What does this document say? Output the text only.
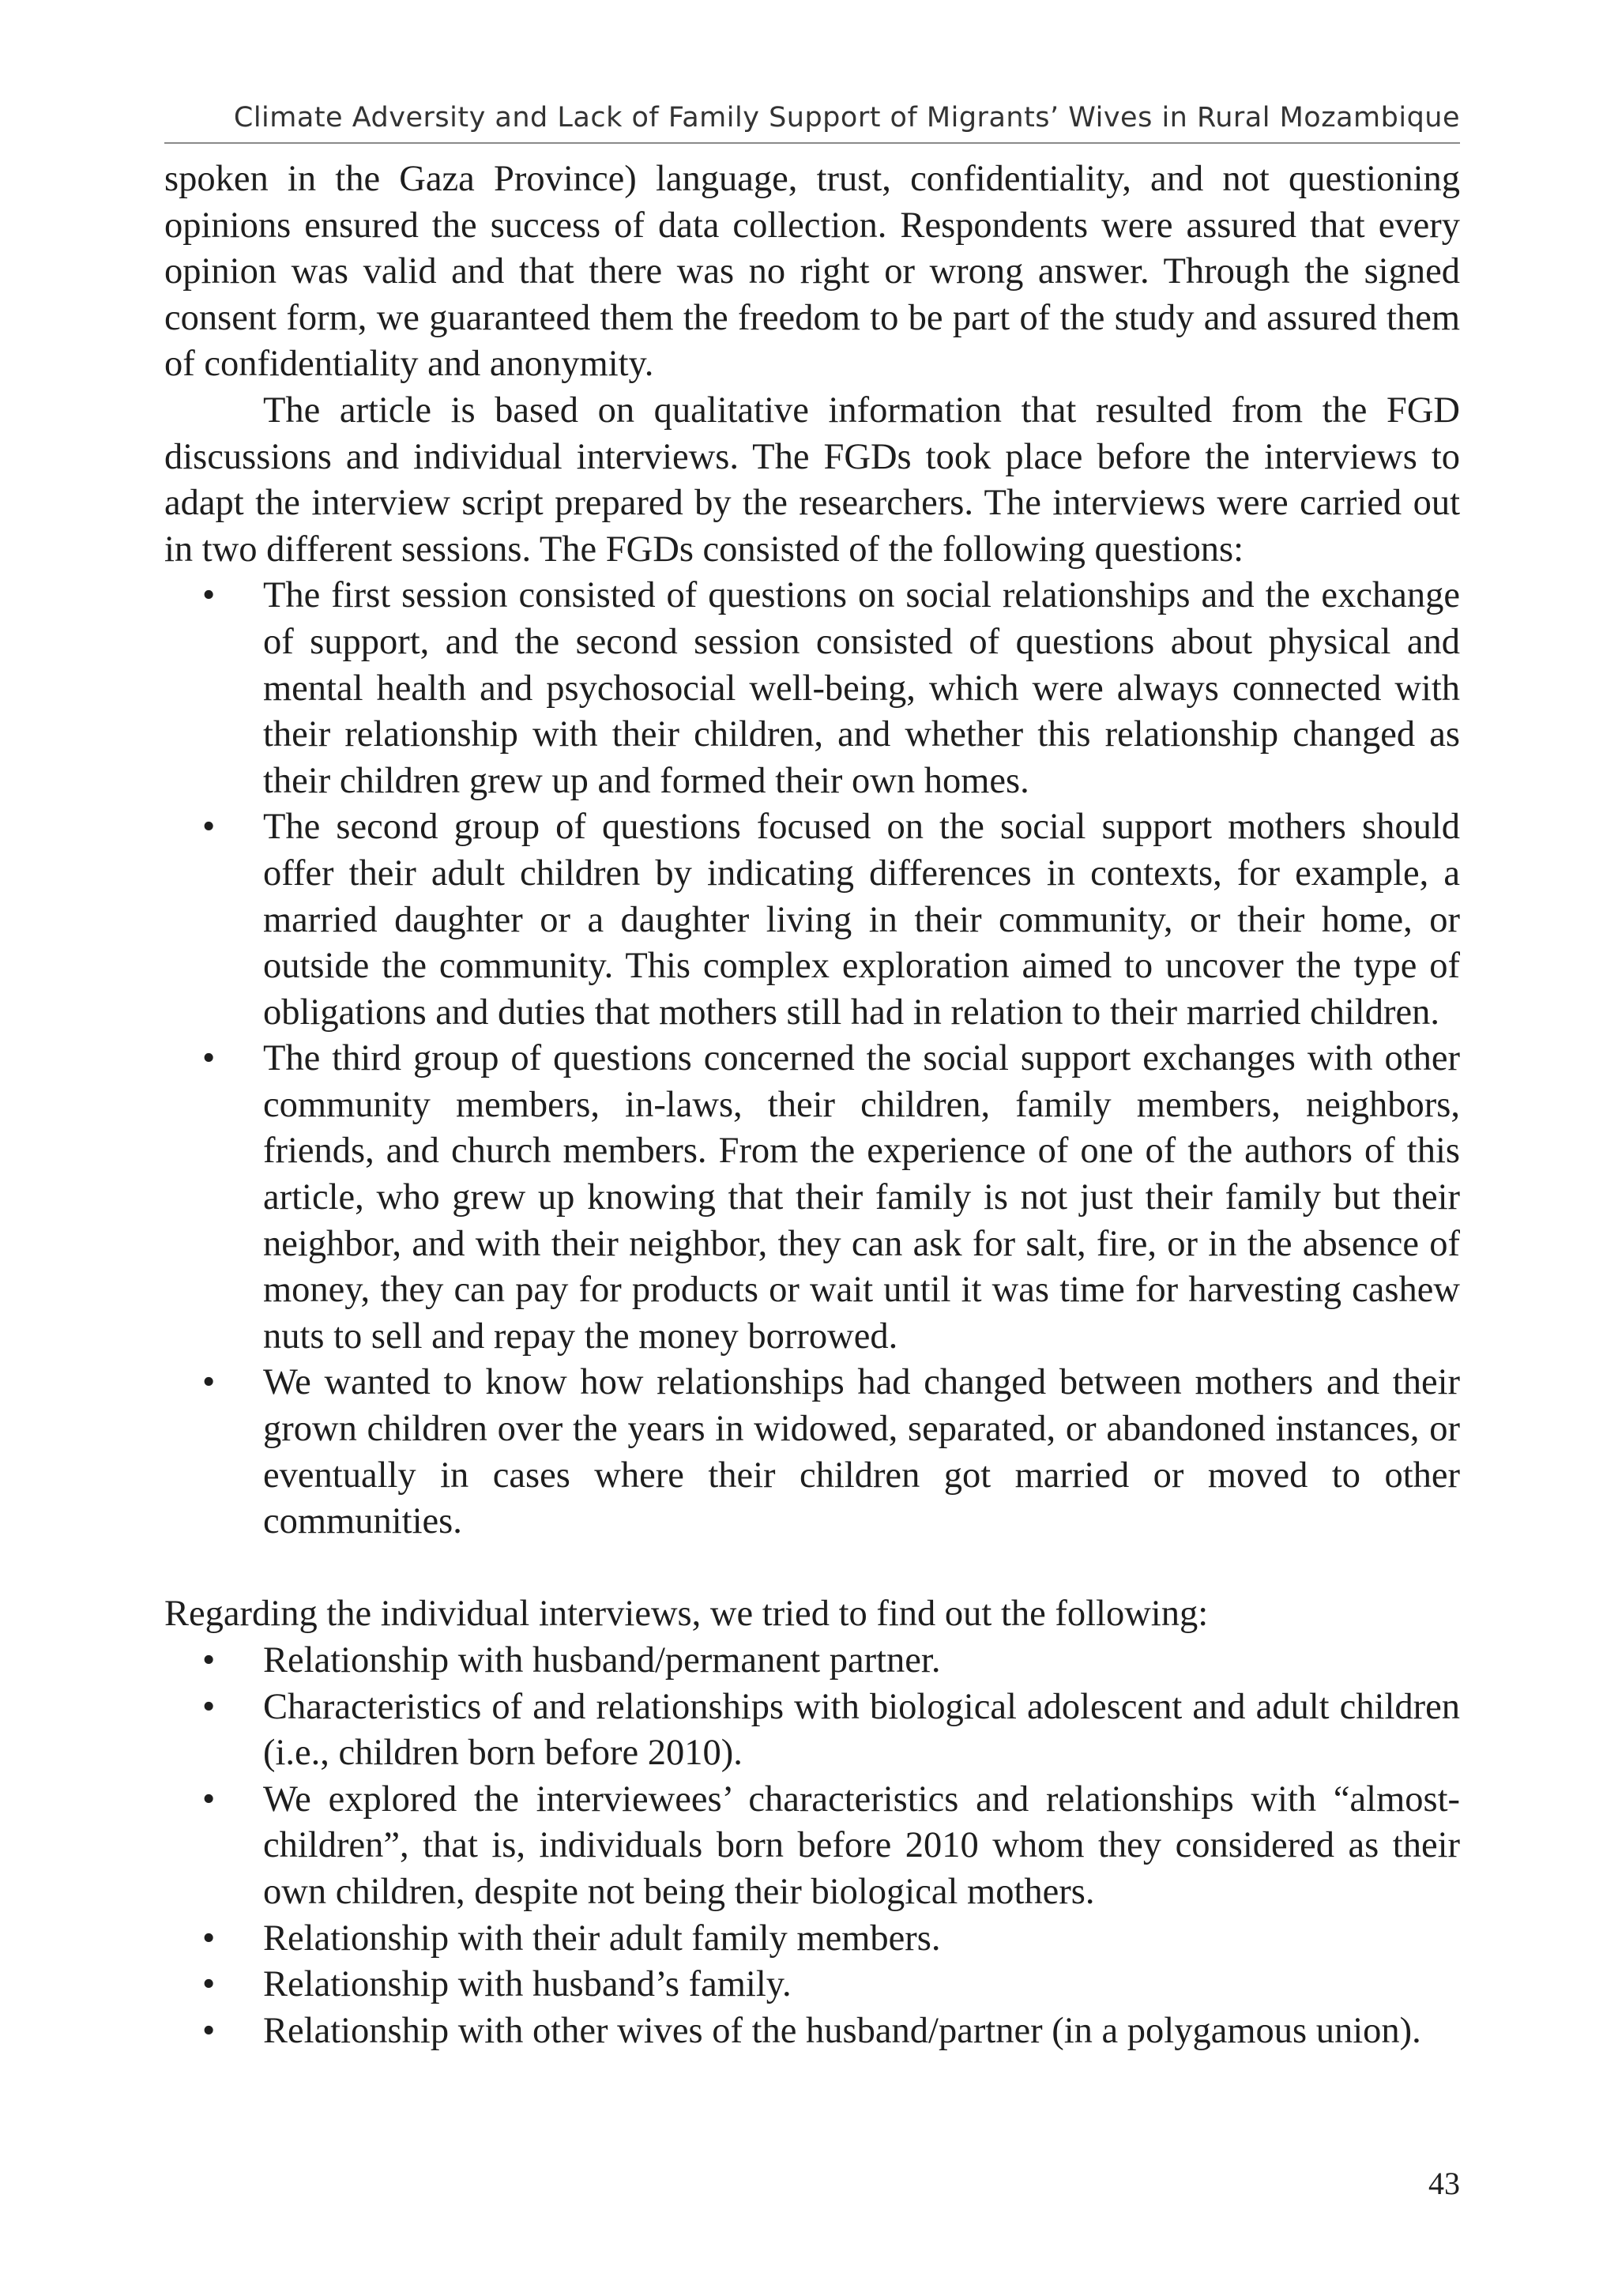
Climate Adversity and Lack of Family Support of Migrants’ Wives in Rural Mozambique

spoken in the Gaza Province) language, trust, confidentiality, and not questioning opinions ensured the success of data collection. Respondents were assured that every opinion was valid and that there was no right or wrong answer. Through the signed consent form, we guaranteed them the freedom to be part of the study and assured them of confidentiality and anonymity.

The article is based on qualitative information that resulted from the FGD discussions and individual interviews. The FGDs took place before the interviews to adapt the interview script prepared by the researchers. The interviews were carried out in two different sessions. The FGDs consisted of the following questions:

• The first session consisted of questions on social relationships and the exchange of support, and the second session consisted of questions about physical and mental health and psychosocial well-being, which were always connected with their relationship with their children, and whether this relationship changed as their children grew up and formed their own homes.
• The second group of questions focused on the social support mothers should offer their adult children by indicating differences in contexts, for example, a married daughter or a daughter living in their community, or their home, or outside the community. This complex exploration aimed to uncover the type of obligations and duties that mothers still had in relation to their married children.
• The third group of questions concerned the social support exchanges with other community members, in-laws, their children, family members, neighbors, friends, and church members. From the experience of one of the authors of this article, who grew up knowing that their family is not just their family but their neighbor, and with their neighbor, they can ask for salt, fire, or in the absence of money, they can pay for products or wait until it was time for harvesting cashew nuts to sell and repay the money borrowed.
• We wanted to know how relationships had changed between mothers and their grown children over the years in widowed, separated, or abandoned instances, or eventually in cases where their children got married or moved to other communities.

Regarding the individual interviews, we tried to find out the following:

• Relationship with husband/permanent partner.
• Characteristics of and relationships with biological adolescent and adult children (i.e., children born before 2010).
• We explored the interviewees’ characteristics and relationships with “almost-children”, that is, individuals born before 2010 whom they considered as their own children, despite not being their biological mothers.
• Relationship with their adult family members.
• Relationship with husband’s family.
• Relationship with other wives of the husband/partner (in a polygamous union).
43
